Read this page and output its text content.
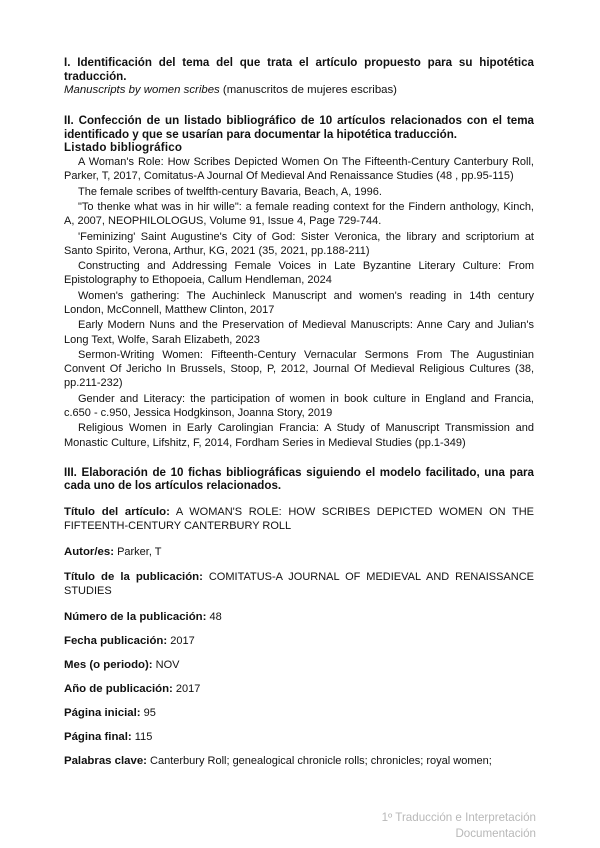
I. Identificación del tema del que trata el artículo propuesto para su hipotética traducción.

Manuscripts by women scribes (manuscritos de mujeres escribas)

II. Confección de un listado bibliográfico de 10 artículos relacionados con el tema identificado y que se usarían para documentar la hipotética traducción.

Listado bibliográfico

A Woman's Role: How Scribes Depicted Women On The Fifteenth-Century Canterbury Roll, Parker, T, 2017, Comitatus-A Journal Of Medieval And Renaissance Studies (48 , pp.95-115)
The female scribes of twelfth-century Bavaria, Beach, A, 1996.
"To thenke what was in hir wille": a female reading context for the Findern anthology, Kinch, A, 2007, NEOPHILOLOGUS, Volume 91, Issue 4, Page 729-744.
'Feminizing' Saint Augustine's City of God: Sister Veronica, the library and scriptorium at Santo Spirito, Verona, Arthur, KG, 2021 (35, 2021, pp.188-211)
Constructing and Addressing Female Voices in Late Byzantine Literary Culture: From Epistolography to Ethopoeia, Callum Hendleman, 2024
Women's gathering: The Auchinleck Manuscript and women's reading in 14th century London, McConnell, Matthew Clinton, 2017
Early Modern Nuns and the Preservation of Medieval Manuscripts: Anne Cary and Julian's Long Text, Wolfe, Sarah Elizabeth, 2023
Sermon-Writing Women: Fifteenth-Century Vernacular Sermons From The Augustinian Convent Of Jericho In Brussels, Stoop, P, 2012, Journal Of Medieval Religious Cultures (38, pp.211-232)
Gender and Literacy: the participation of women in book culture in England and Francia, c.650 - c.950, Jessica Hodgkinson, Joanna Story, 2019
Religious Women in Early Carolingian Francia: A Study of Manuscript Transmission and Monastic Culture, Lifshitz, F, 2014, Fordham Series in Medieval Studies (pp.1-349)

III. Elaboración de 10 fichas bibliográficas siguiendo el modelo facilitado, una para cada uno de los artículos relacionados.

Título del artículo: A WOMAN'S ROLE: HOW SCRIBES DEPICTED WOMEN ON THE FIFTEENTH-CENTURY CANTERBURY ROLL

Autor/es: Parker, T

Título de la publicación: COMITATUS-A JOURNAL OF MEDIEVAL AND RENAISSANCE STUDIES

Número de la publicación: 48

Fecha publicación: 2017

Mes (o periodo): NOV

Año de publicación: 2017

Página inicial: 95

Página final: 115

Palabras clave: Canterbury Roll; genealogical chronicle rolls; chronicles; royal women;

1º Traducción e Interpretación
Documentación
